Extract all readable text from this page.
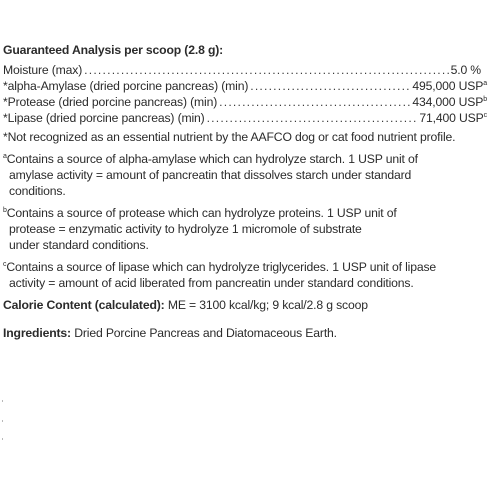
Guaranteed Analysis per scoop (2.8 g):
Moisture (max) .....	5.0 %
*alpha-Amylase (dried porcine pancreas) (min) .....	495,000 USP$^a$
*Protease (dried porcine pancreas) (min) .....	434,000 USP$^b$
*Lipase (dried porcine pancreas) (min) .....	71,400 USP$^c$
*Not recognized as an essential nutrient by the AAFCO dog or cat food nutrient profile.
$^a$Contains a source of alpha-amylase which can hydrolyze starch. 1 USP unit of
amylase activity = amount of pancreatin that dissolves starch under standard
conditions.
$^b$Contains a source of protease which can hydrolyze proteins. 1 USP unit of
protease = enzymatic activity to hydrolyze 1 micromole of substrate
under standard conditions.
$^c$Contains a source of lipase which can hydrolyze triglycerides. 1 USP unit of lipase
activity = amount of acid liberated from pancreatin under standard conditions.
Calorie Content (calculated): ME = 3100 kcal/kg; 9 kcal/2.8 g scoop
Ingredients: Dried Porcine Pancreas and Diatomaceous Earth.
